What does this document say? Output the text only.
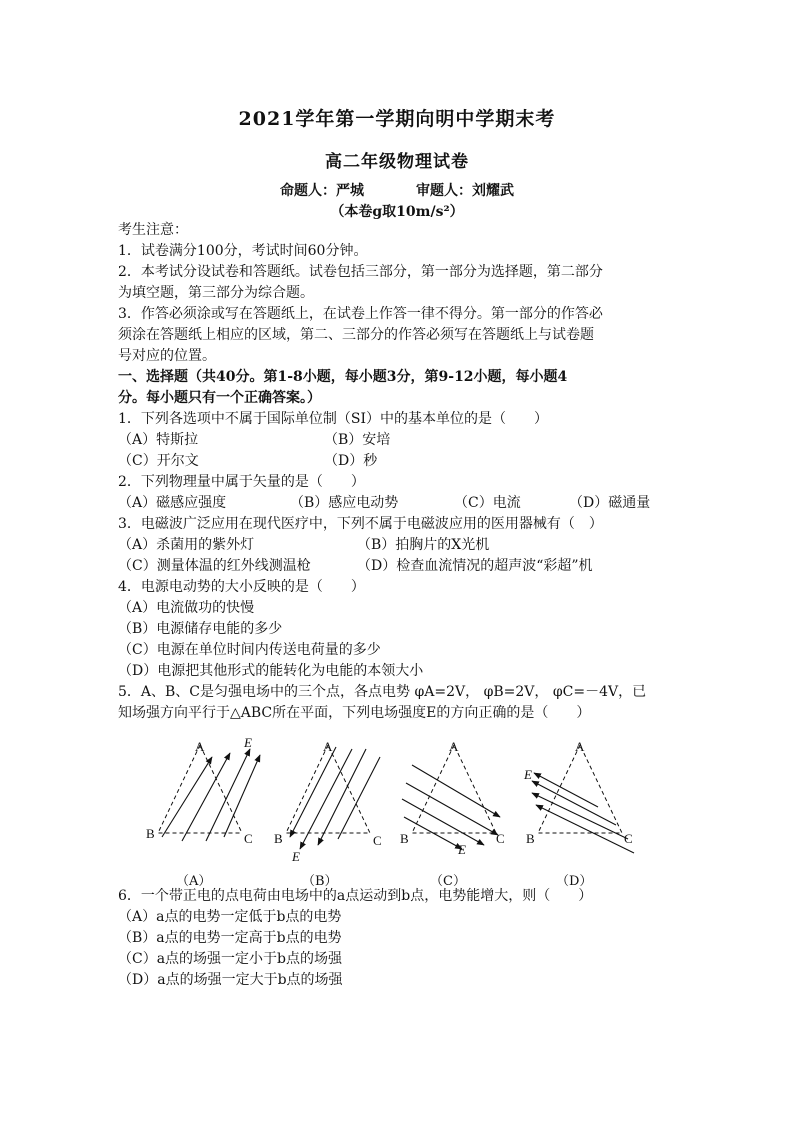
2021学年第一学期向明中学期末考
高二年级物理试卷
命题人：严城	审题人：刘耀武
（本卷g取10m/s²）
考生注意：
1．试卷满分100分，考试时间60分钟。
2．本考试分设试卷和答题纸。试卷包括三部分，第一部分为选择题，第二部分
为填空题，第三部分为综合题。
3．作答必须涂或写在答题纸上，在试卷上作答一律不得分。第一部分的作答必
须涂在答题纸上相应的区域，第二、三部分的作答必须写在答题纸上与试卷题
号对应的位置。
一、选择题（共40分。第1-8小题，每小题3分，第9-12小题，每小题4
分。每小题只有一个正确答案。）
1．下列各选项中不属于国际单位制（SI）中的基本单位的是（　　）
（A）特斯拉	（B）安培
（C）开尔文	（D）秒
2．下列物理量中属于矢量的是（　　）
（A）磁感应强度	（B）感应电动势	（C）电流	（D）磁通量
3．电磁波广泛应用在现代医疗中，下列不属于电磁波应用的医用器械有（　）
（A）杀菌用的紫外灯	（B）拍胸片的X光机
（C）测量体温的红外线测温枪	（D）检查血流情况的超声波“彩超”机
4．电源电动势的大小反映的是（　　）
（A）电流做功的快慢
（B）电源储存电能的多少
（C）电源在单位时间内传送电荷量的多少
（D）电源把其他形式的能转化为电能的本领大小
5．A、B、C是匀强电场中的三个点，各点电势 φA=2V， φB=2V， φC=－4V，已
知场强方向平行于△ABC所在平面，下列电场强度E的方向正确的是（　　）
A
B	C
E	A
B	C
E
A
B	C
E
A
B	C
E
（A）	（B）	（C）	（D）
6．一个带正电的点电荷由电场中的a点运动到b点，电势能增大，则（　　）
（A）a点的电势一定低于b点的电势
（B）a点的电势一定高于b点的电势
（C）a点的场强一定小于b点的场强
（D）a点的场强一定大于b点的场强
